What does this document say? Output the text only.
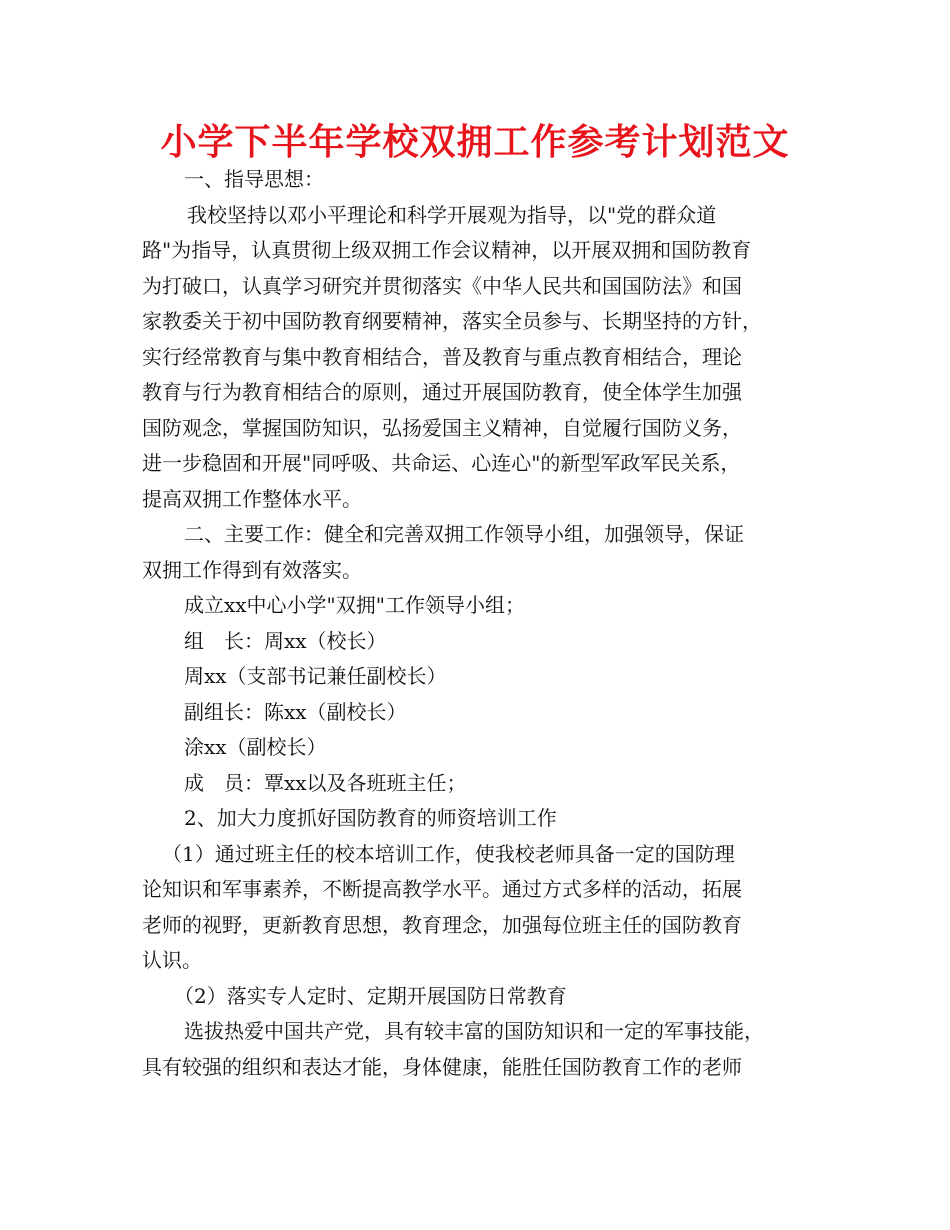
小学下半年学校双拥工作参考计划范文
一、指导思想：
我校坚持以邓小平理论和科学开展观为指导，以"党的群众道
路"为指导，认真贯彻上级双拥工作会议精神，以开展双拥和国防教育
为打破口，认真学习研究并贯彻落实《中华人民共和国国防法》和国
家教委关于初中国防教育纲要精神，落实全员参与、长期坚持的方针，
实行经常教育与集中教育相结合，普及教育与重点教育相结合，理论
教育与行为教育相结合的原则，通过开展国防教育，使全体学生加强
国防观念，掌握国防知识，弘扬爱国主义精神，自觉履行国防义务，
进一步稳固和开展"同呼吸、共命运、心连心"的新型军政军民关系，
提高双拥工作整体水平。
二、主要工作：健全和完善双拥工作领导小组，加强领导，保证
双拥工作得到有效落实。
成立xx中心小学"双拥"工作领导小组；
组　长：周xx（校长）
周xx（支部书记兼任副校长）
副组长：陈xx（副校长）
涂xx（副校长）
成　员：覃xx以及各班班主任；
2、加大力度抓好国防教育的师资培训工作
（1）通过班主任的校本培训工作，使我校老师具备一定的国防理
论知识和军事素养，不断提高教学水平。通过方式多样的活动，拓展
老师的视野，更新教育思想，教育理念，加强每位班主任的国防教育
认识。
（2）落实专人定时、定期开展国防日常教育
选拔热爱中国共产党，具有较丰富的国防知识和一定的军事技能，
具有较强的组织和表达才能，身体健康，能胜任国防教育工作的老师
